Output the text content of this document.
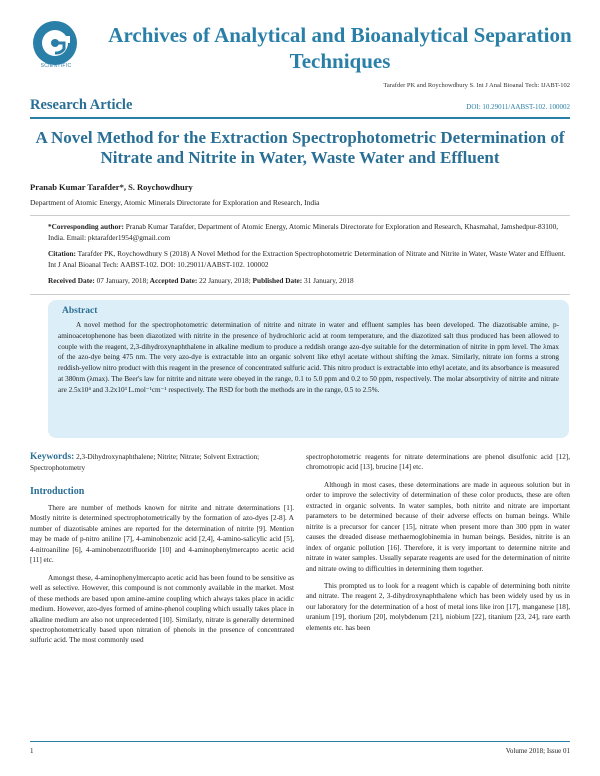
SCIENTIFIC
Archives of Analytical and Bioanalytical Separation Techniques
Tarafder PK and Roychowdhury S. Int J Anal Bioanal Tech: IJABT-102
Research Article	DOI: 10.29011/AABST-102. 100002
A Novel Method for the Extraction Spectrophotometric Determination of Nitrate and Nitrite in Water, Waste Water and Effluent
Pranab Kumar Tarafder*, S. Roychowdhury
Department of Atomic Energy, Atomic Minerals Directorate for Exploration and Research, India

*Corresponding author: Pranab Kumar Tarafder, Department of Atomic Energy, Atomic Minerals Directorate for Exploration and Research, Khasmahal, Jamshedpur-83100, India. Email: pktarafder1954@gmail.com

Citation: Tarafder PK, Roychowdhury S (2018) A Novel Method for the Extraction Spectrophotometric Determination of Nitrate and Nitrite in Water, Waste Water and Effluent. Int J Anal Bioanal Tech: AABST-102. DOI: 10.29011/AABST-102. 100002

Received Date: 07 January, 2018; Accepted Date: 22 January, 2018; Published Date: 31 January, 2018

Abstract
A novel method for the spectrophotometric determination of nitrite and nitrate in water and effluent samples has been developed. The diazotisable amine, p-aminoacetophenone has been diazotized with nitrite in the presence of hydrochloric acid at room temperature, and the diazotized salt thus produced has been allowed to couple with the reagent, 2,3-dihydroxynaphthalene in alkaline medium to produce a reddish orange azo-dye suitable for the determination of nitrite in ppm level. The λmax of the azo-dye being 475 nm. The very azo-dye is extractable into an organic solvent like ethyl acetate without shifting the λmax. Similarly, nitrate ion forms a strong reddish-yellow nitro product with this reagent in the presence of concentrated sulfuric acid. This nitro product is extractable into ethyl acetate, and its absorbance is measured at 380nm (λmax). The Beer's law for nitrite and nitrate were obeyed in the range, 0.1 to 5.0 ppm and 0.2 to 50 ppm, respectively. The molar absorptivity of nitrite and nitrate are 2.5x10⁴ and 3.2x10³ L.mol⁻¹cm⁻¹ respectively. The RSD for both the methods are in the range, 0.5 to 2.5%.
Keywords: 2,3-Dihydroxynaphthalene; Nitrite; Nitrate; Solvent Extraction; Spectrophotometry
Introduction

There are number of methods known for nitrite and nitrate determinations [1]. Mostly nitrite is determined spectrophotometrically by the formation of azo-dyes [2-8]. A number of diazotisable amines are reported for the determination of nitrite [9]. Mention may be made of p-nitro aniline [7], 4-aminobenzoic acid [2,4], 4-amino-salicylic acid [5], 4-nitroaniline [6], 4-aminobenzotrifluoride [10] and 4-aminophenylmercapto acetic acid [11] etc.

Amongst these, 4-aminophenylmercapto acetic acid has been found to be sensitive as well as selective. However, this compound is not commonly available in the market. Most of these methods are based upon amine-amine coupling which always takes place in acidic medium. However, azo-dyes formed of amine-phenol coupling which usually takes place in alkaline medium are also not unprecedented [10]. Similarly, nitrate is generally determined spectrophotometrically based upon nitration of phenols in the presence of concentrated sulfuric acid. The most commonly used

spectrophotometric reagents for nitrate determinations are phenol disulfonic acid [12], chromotropic acid [13], brucine [14] etc.

Although in most cases, these determinations are made in aqueous solution but in order to improve the selectivity of determination of these color products, these are often extracted in organic solvents. In water samples, both nitrite and nitrate are important parameters to be determined because of their adverse effects on human beings. While nitrite is a precursor for cancer [15], nitrate when present more than 300 ppm in water causes the dreaded disease methaemoglobinemia in human beings. Besides, nitrite is an index of organic pollution [16]. Therefore, it is very important to determine nitrite and nitrate in water samples. Usually separate reagents are used for the determination of nitrite and nitrate owing to difficulties in determining them together.

This prompted us to look for a reagent which is capable of determining both nitrite and nitrate. The reagent 2, 3-dihydroxynaphthalene which has been widely used by us in our laboratory for the determination of a host of metal ions like iron [17], manganese [18], uranium [19], thorium [20], molybdenum [21], niobium [22], titanium [23, 24], rare earth elements etc. has been

1	Volume 2018; Issue 01
